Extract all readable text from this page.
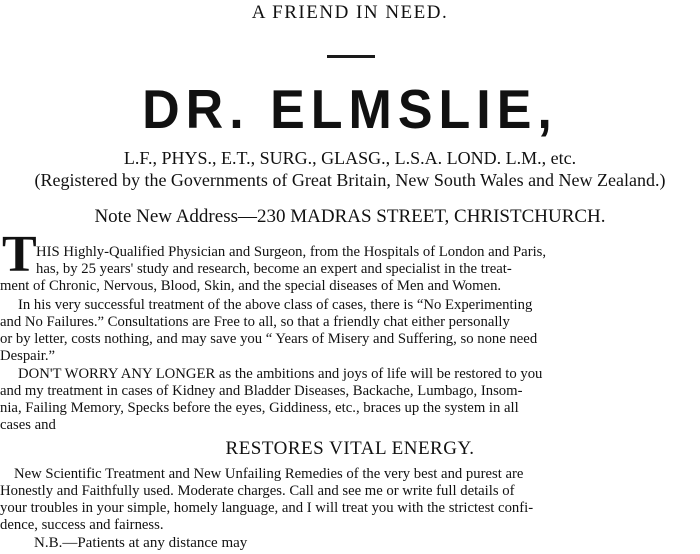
A FRIEND IN NEED.
DR. ELMSLIE,
L.F., PHYS., E.T., SURG., GLASG., L.S.A. LOND. L.M., etc.
(Registered by the Governments of Great Britain, New South Wales and New Zealand.)
Note New Address—230 MADRAS STREET, CHRISTCHURCH.
T HIS Highly-Qualified Physician and Surgeon, from the Hospitals of London and Paris,
has, by 25 years' study and research, become an expert and specialist in the treat-
ment of Chronic, Nervous, Blood, Skin, and the special diseases of Men and Women.
In his very successful treatment of the above class of cases, there is “No Experimenting
and No Failures.” Consultations are Free to all, so that a friendly chat either personally
or by letter, costs nothing, and may save you “ Years of Misery and Suffering, so none need
Despair.”
DON'T WORRY ANY LONGER as the ambitions and joys of life will be restored to you
and my treatment in cases of Kidney and Bladder Diseases, Backache, Lumbago, Insom-
nia, Failing Memory, Specks before the eyes, Giddiness, etc., braces up the system in all
cases and
RESTORES VITAL ENERGY.
New Scientific Treatment and New Unfailing Remedies of the very best and purest are
Honestly and Faithfully used. Moderate charges. Call and see me or write full details of
your troubles in your simple, homely language, and I will treat you with the strictest confi-
dence, success and fairness.
N.B.—Patients at any distance may
